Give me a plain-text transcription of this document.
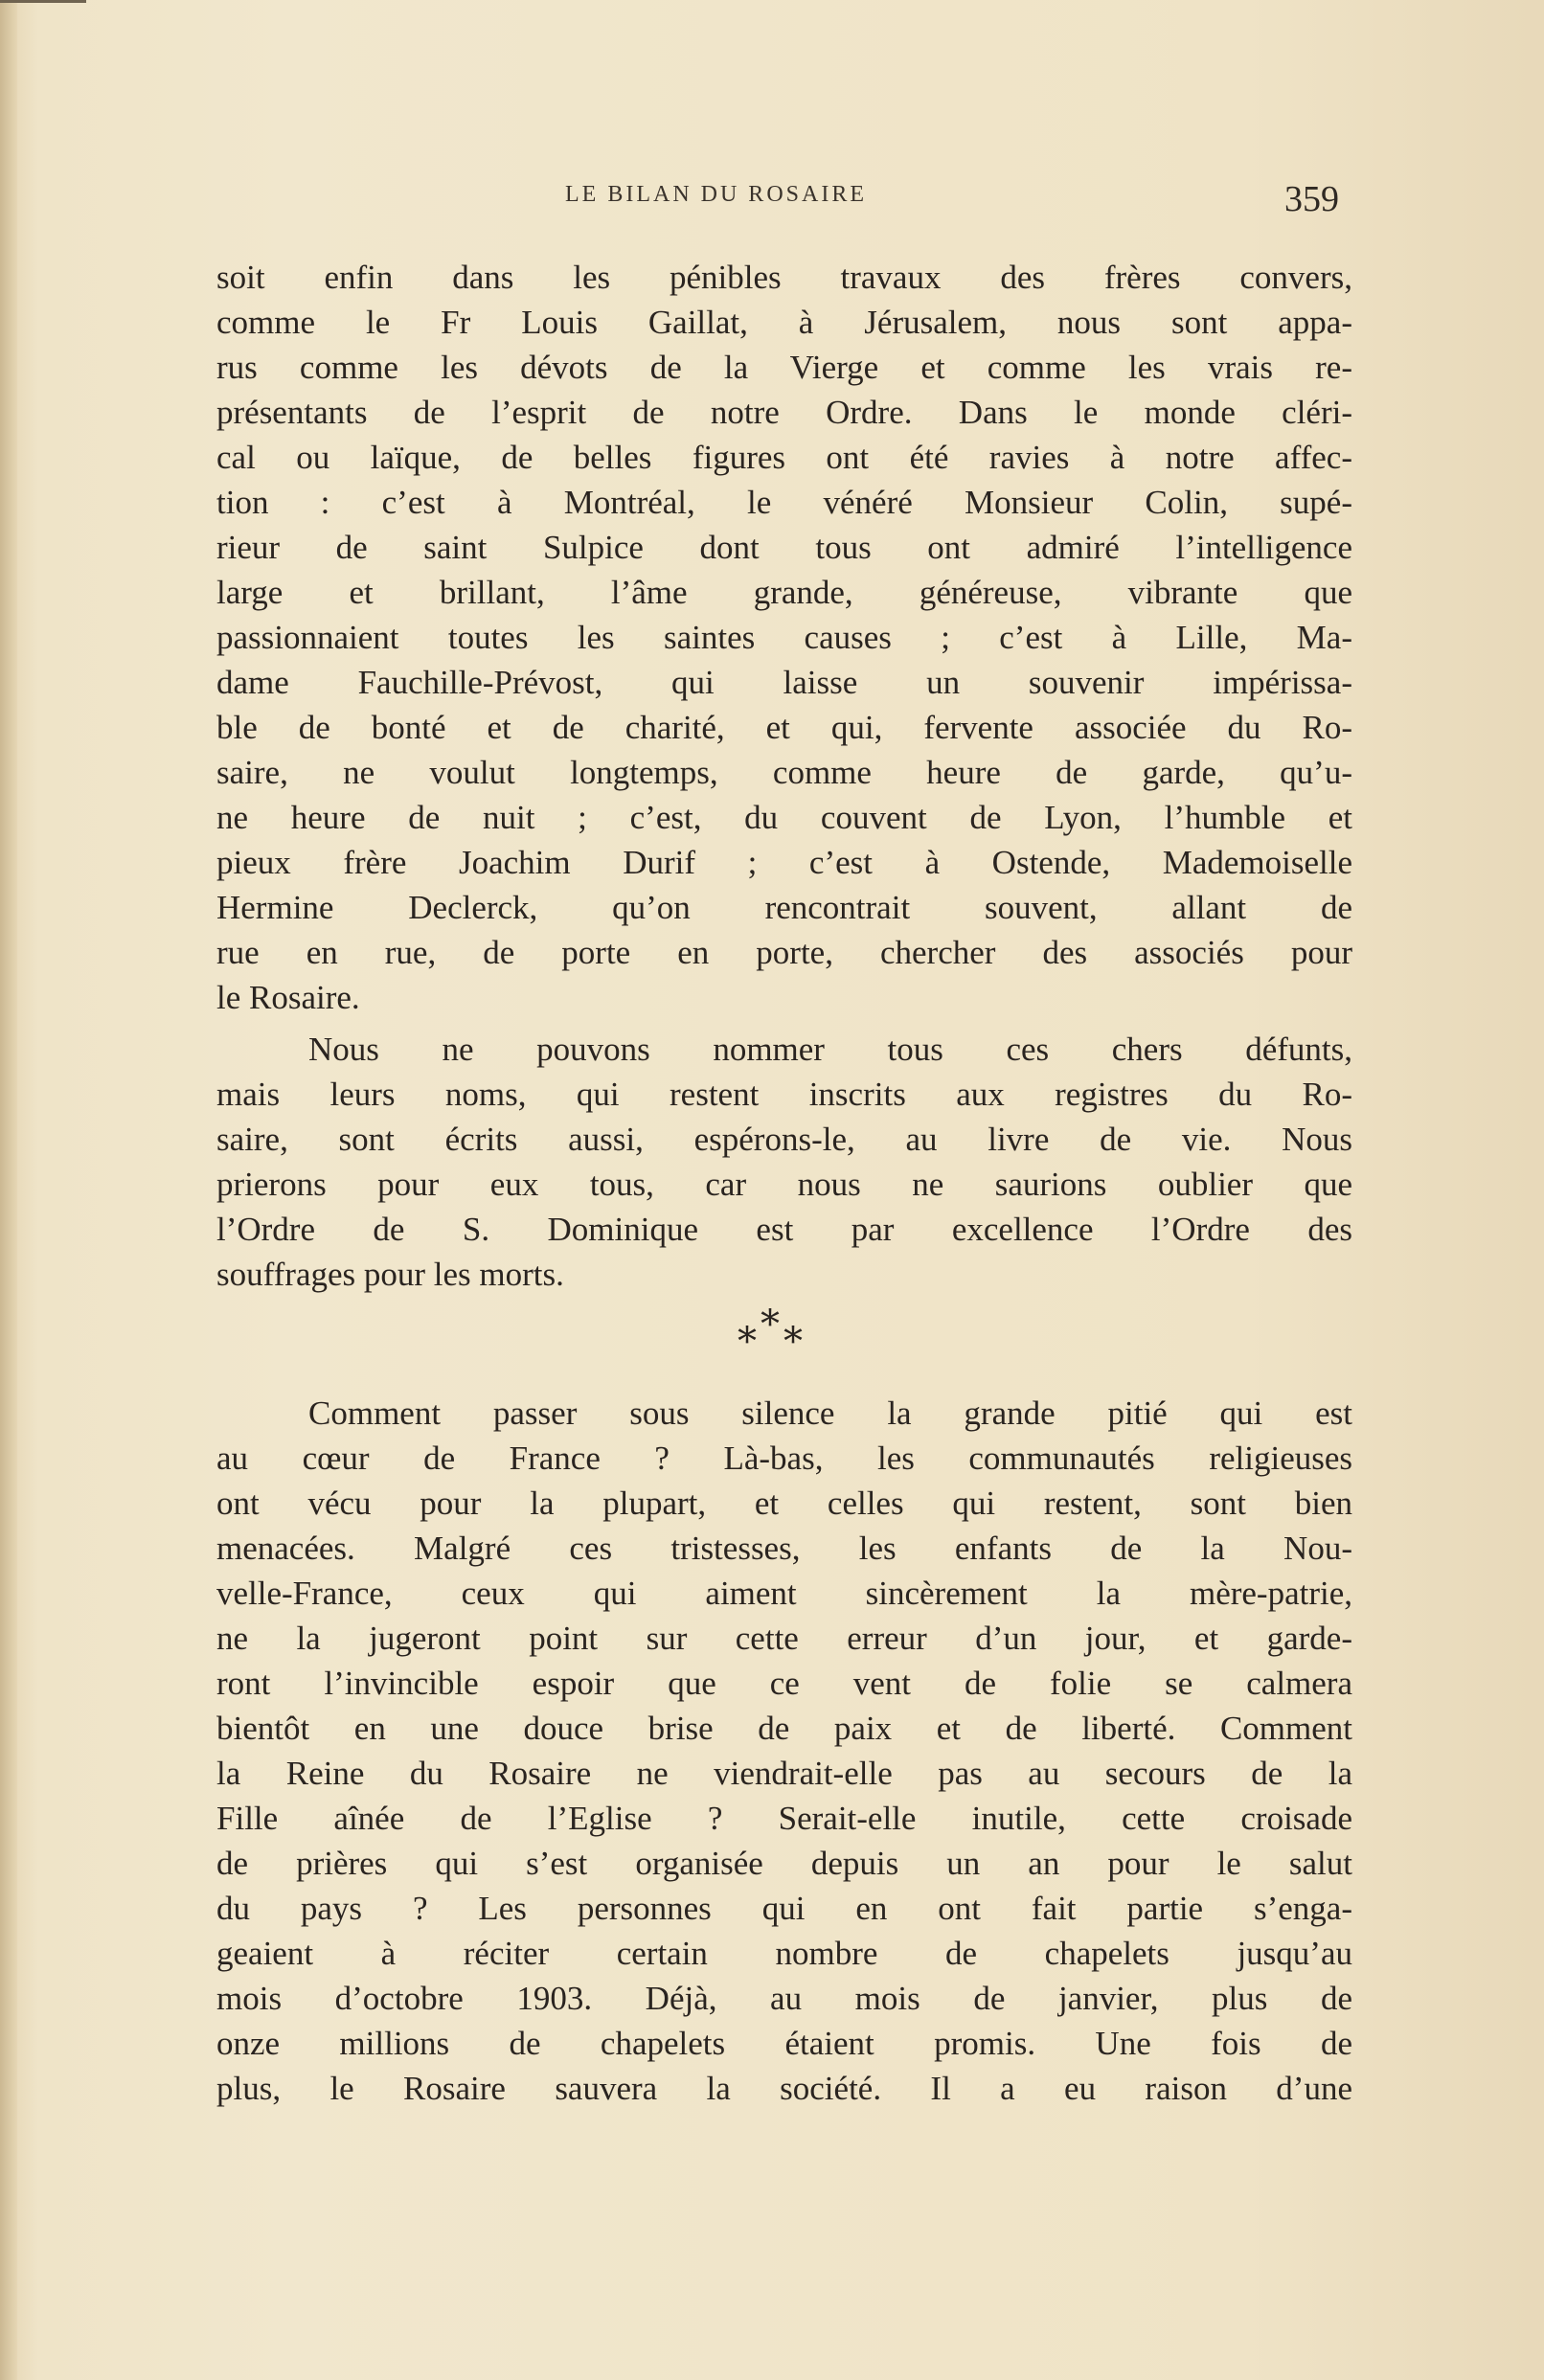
LE BILAN DU ROSAIRE	359
soit enfin dans les pénibles travaux des frères convers,
comme le Fr Louis Gaillat, à Jérusalem, nous sont appa-
rus comme les dévots de la Vierge et comme les vrais re-
présentants de l’esprit de notre Ordre. Dans le monde cléri-
cal ou laïque, de belles figures ont été ravies à notre affec-
tion : c’est à Montréal, le vénéré Monsieur Colin, supé-
rieur de saint Sulpice dont tous ont admiré l’intelligence
large et brillant, l’âme grande, généreuse, vibrante que
passionnaient toutes les saintes causes ; c’est à Lille, Ma-
dame Fauchille-Prévost, qui laisse un souvenir impérissa-
ble de bonté et de charité, et qui, fervente associée du Ro-
saire, ne voulut longtemps, comme heure de garde, qu’u-
ne heure de nuit ; c’est, du couvent de Lyon, l’humble et
pieux frère Joachim Durif ; c’est à Ostende, Mademoiselle
Hermine Declerck, qu’on rencontrait souvent, allant de
rue en rue, de porte en porte, chercher des associés pour
le Rosaire.
Nous ne pouvons nommer tous ces chers défunts,
mais leurs noms, qui restent inscrits aux registres du Ro-
saire, sont écrits aussi, espérons-le, au livre de vie. Nous
prierons pour eux tous, car nous ne saurions oublier que
l’Ordre de S. Dominique est par excellence l’Ordre des
souffrages pour les morts.
*
* *
Comment passer sous silence la grande pitié qui est
au cœur de France ? Là-bas, les communautés religieuses
ont vécu pour la plupart, et celles qui restent, sont bien
menacées. Malgré ces tristesses, les enfants de la Nou-
velle-France, ceux qui aiment sincèrement la mère-patrie,
ne la jugeront point sur cette erreur d’un jour, et garde-
ront l’invincible espoir que ce vent de folie se calmera
bientôt en une douce brise de paix et de liberté. Comment
la Reine du Rosaire ne viendrait-elle pas au secours de la
Fille aînée de l’Eglise ? Serait-elle inutile, cette croisade
de prières qui s’est organisée depuis un an pour le salut
du pays ? Les personnes qui en ont fait partie s’enga-
geaient à réciter certain nombre de chapelets jusqu’au
mois d’octobre 1903. Déjà, au mois de janvier, plus de
onze millions de chapelets étaient promis. Une fois de
plus, le Rosaire sauvera la société. Il a eu raison d’une
